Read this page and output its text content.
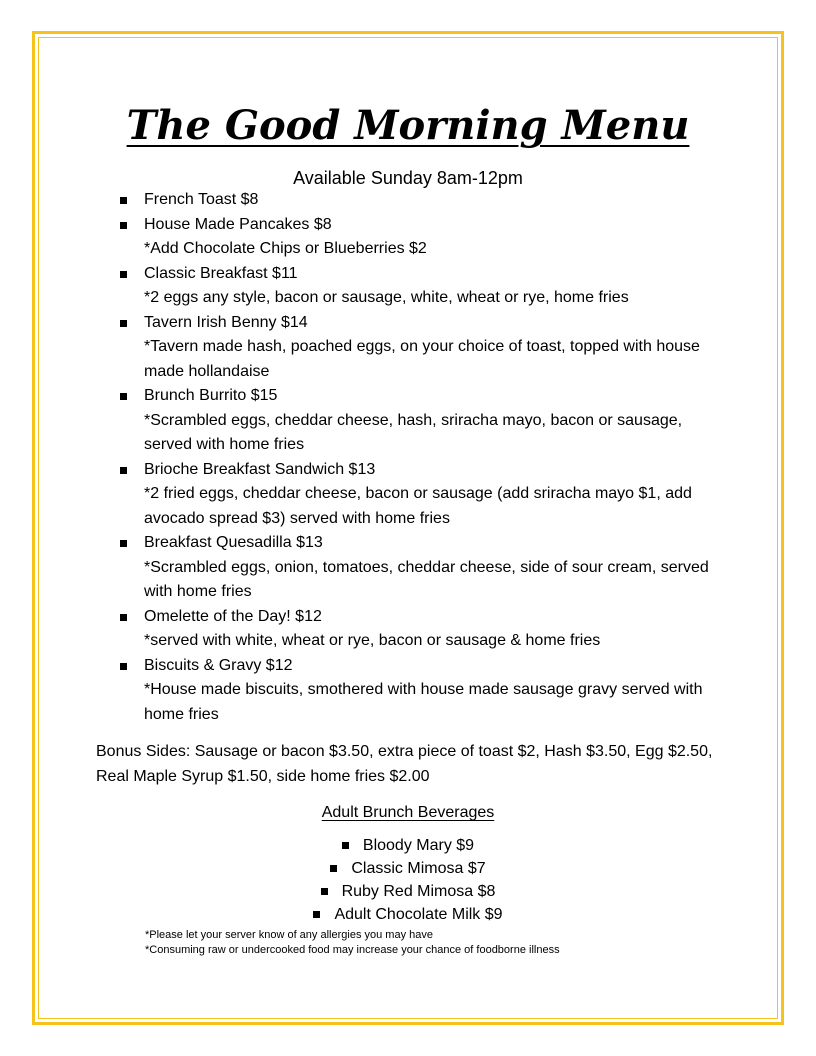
The Good Morning Menu
Available Sunday 8am-12pm
French Toast $8
House Made Pancakes $8
*Add Chocolate Chips or Blueberries $2
Classic Breakfast $11
*2 eggs any style, bacon or sausage, white, wheat or rye, home fries
Tavern Irish Benny $14
*Tavern made hash, poached eggs, on your choice of toast, topped with house made hollandaise
Brunch Burrito $15
*Scrambled eggs, cheddar cheese, hash, sriracha mayo, bacon or sausage, served with home fries
Brioche Breakfast Sandwich $13
*2 fried eggs, cheddar cheese, bacon or sausage (add sriracha mayo $1, add avocado spread $3) served with home fries
Breakfast Quesadilla $13
*Scrambled eggs, onion, tomatoes, cheddar cheese, side of sour cream, served with home fries
Omelette of the Day! $12
*served with white, wheat or rye, bacon or sausage & home fries
Biscuits & Gravy $12
*House made biscuits, smothered with house made sausage gravy served with home fries

Bonus Sides: Sausage or bacon $3.50, extra piece of toast $2, Hash $3.50, Egg $2.50, Real Maple Syrup $1.50, side home fries $2.00

Adult Brunch Beverages
Bloody Mary $9
Classic Mimosa $7
Ruby Red Mimosa $8
Adult Chocolate Milk $9
*Please let your server know of any allergies you may have
*Consuming raw or undercooked food may increase your chance of foodborne illness
